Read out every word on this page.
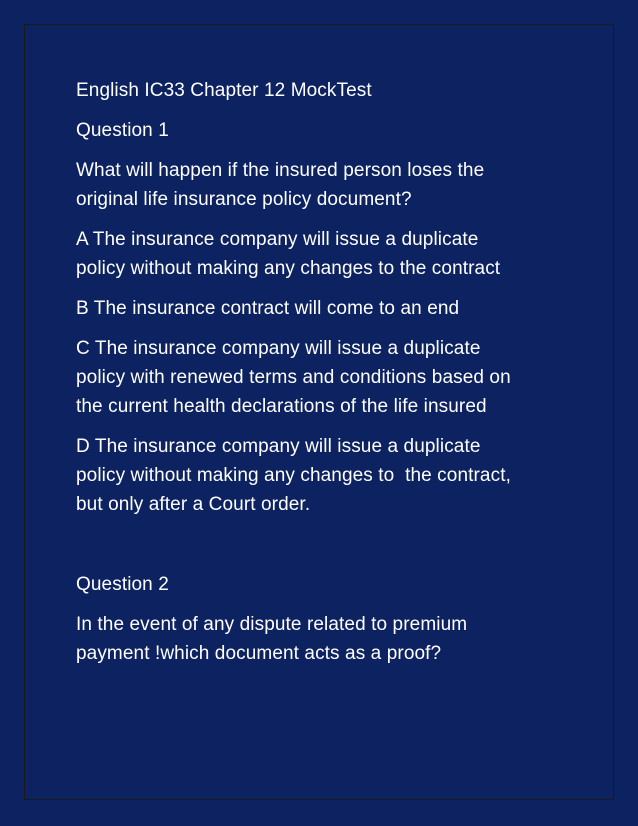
English IC33 Chapter 12 MockTest

Question 1

What will happen if the insured person loses the
original life insurance policy document?

A The insurance company will issue a duplicate
policy without making any changes to the contract

B The insurance contract will come to an end

C The insurance company will issue a duplicate
policy with renewed terms and conditions based on
the current health declarations of the life insured

D The insurance company will issue a duplicate
policy without making any changes to  the contract,
but only after a Court order.

Question 2

In the event of any dispute related to premium
payment !which document acts as a proof?
